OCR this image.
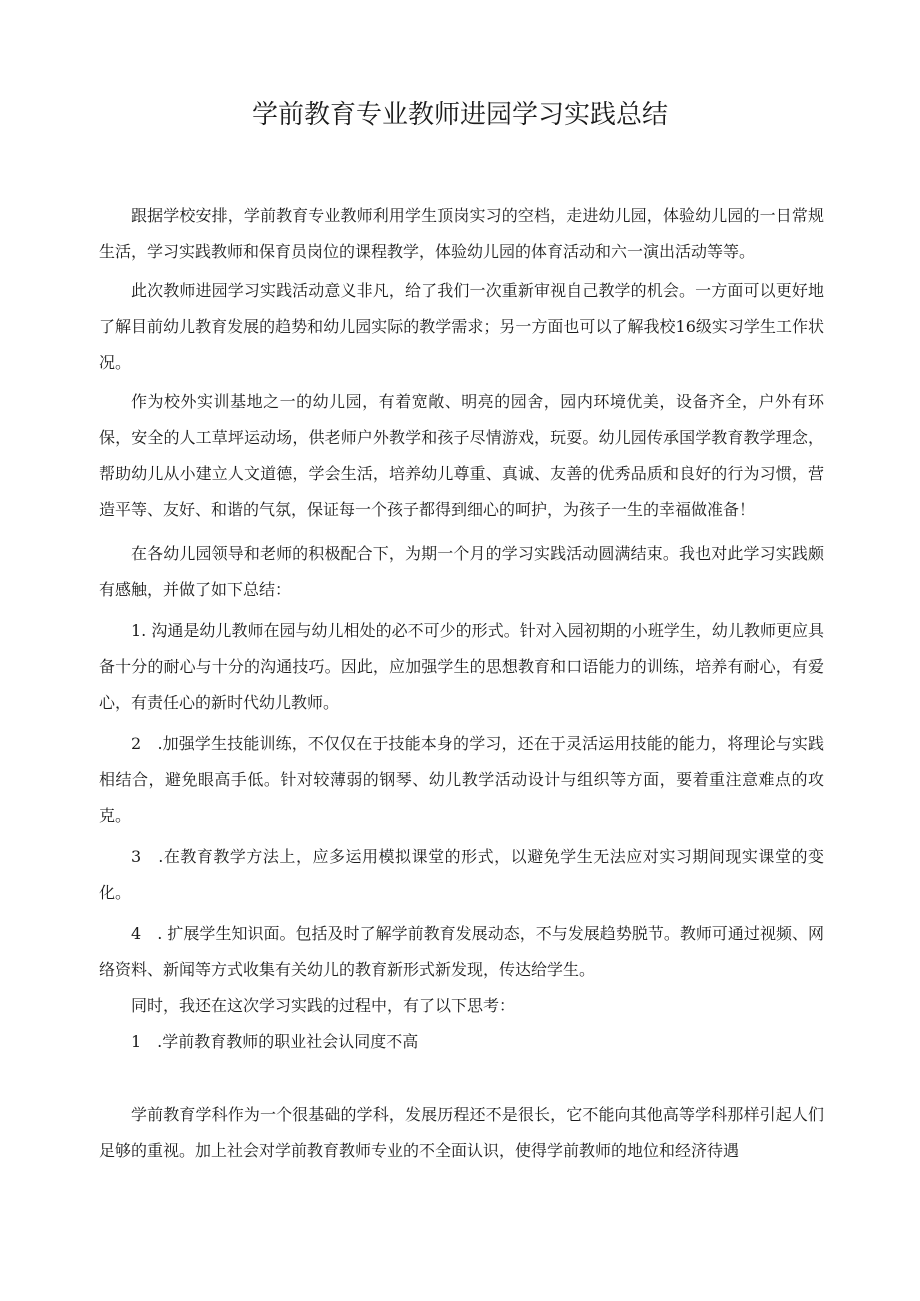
学前教育专业教师进园学习实践总结

跟据学校安排，学前教育专业教师利用学生顶岗实习的空档，走进幼儿园，体验幼儿园的一日常规生活，学习实践教师和保育员岗位的课程教学，体验幼儿园的体育活动和六一演出活动等等。

此次教师进园学习实践活动意义非凡，给了我们一次重新审视自己教学的机会。一方面可以更好地了解目前幼儿教育发展的趋势和幼儿园实际的教学需求；另一方面也可以了解我校16级实习学生工作状况。

作为校外实训基地之一的幼儿园，有着宽敞、明亮的园舍，园内环境优美，设备齐全，户外有环保，安全的人工草坪运动场，供老师户外教学和孩子尽情游戏，玩耍。幼儿园传承国学教育教学理念，帮助幼儿从小建立人文道德，学会生活，培养幼儿尊重、真诚、友善的优秀品质和良好的行为习惯，营造平等、友好、和谐的气氛，保证每一个孩子都得到细心的呵护，为孩子一生的幸福做准备！

在各幼儿园领导和老师的积极配合下，为期一个月的学习实践活动圆满结束。我也对此学习实践颇有感触，并做了如下总结：

1. 沟通是幼儿教师在园与幼儿相处的必不可少的形式。针对入园初期的小班学生，幼儿教师更应具备十分的耐心与十分的沟通技巧。因此，应加强学生的思想教育和口语能力的训练，培养有耐心，有爱心，有责任心的新时代幼儿教师。

2　.加强学生技能训练，不仅仅在于技能本身的学习，还在于灵活运用技能的能力，将理论与实践相结合，避免眼高手低。针对较薄弱的钢琴、幼儿教学活动设计与组织等方面，要着重注意难点的攻克。

3　.在教育教学方法上，应多运用模拟课堂的形式，以避免学生无法应对实习期间现实课堂的变化。

4　. 扩展学生知识面。包括及时了解学前教育发展动态，不与发展趋势脱节。教师可通过视频、网络资料、新闻等方式收集有关幼儿的教育新形式新发现，传达给学生。

同时，我还在这次学习实践的过程中，有了以下思考：

1　.学前教育教师的职业社会认同度不高

学前教育学科作为一个很基础的学科，发展历程还不是很长，它不能向其他高等学科那样引起人们足够的重视。加上社会对学前教育教师专业的不全面认识，使得学前教师的地位和经济待遇
